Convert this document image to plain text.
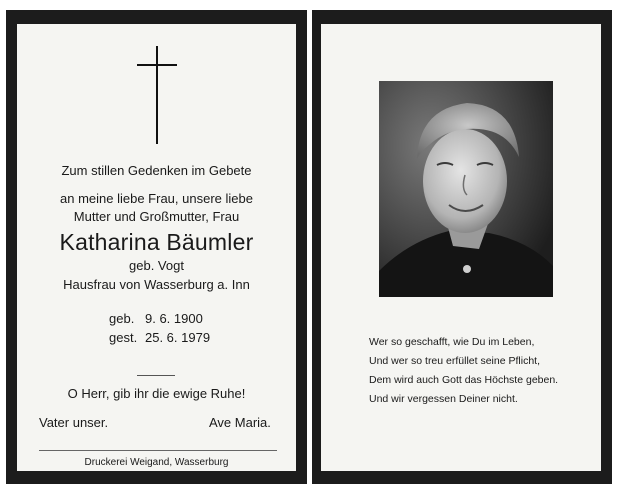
Zum stillen Gedenken im Gebete
an meine liebe Frau, unsere liebe
Mutter und Großmutter, Frau
Katharina Bäumler
geb. Vogt
Hausfrau von Wasserburg a. Inn
geb. 9. 6. 1900
gest. 25. 6. 1979
O Herr, gib ihr die ewige Ruhe!
Vater unser.	Ave Maria.
Druckerei Weigand, Wasserburg
Wer so geschafft, wie Du im Leben,
Und wer so treu erfüllet seine Pflicht,
Dem wird auch Gott das Höchste geben.
Und wir vergessen Deiner nicht.
